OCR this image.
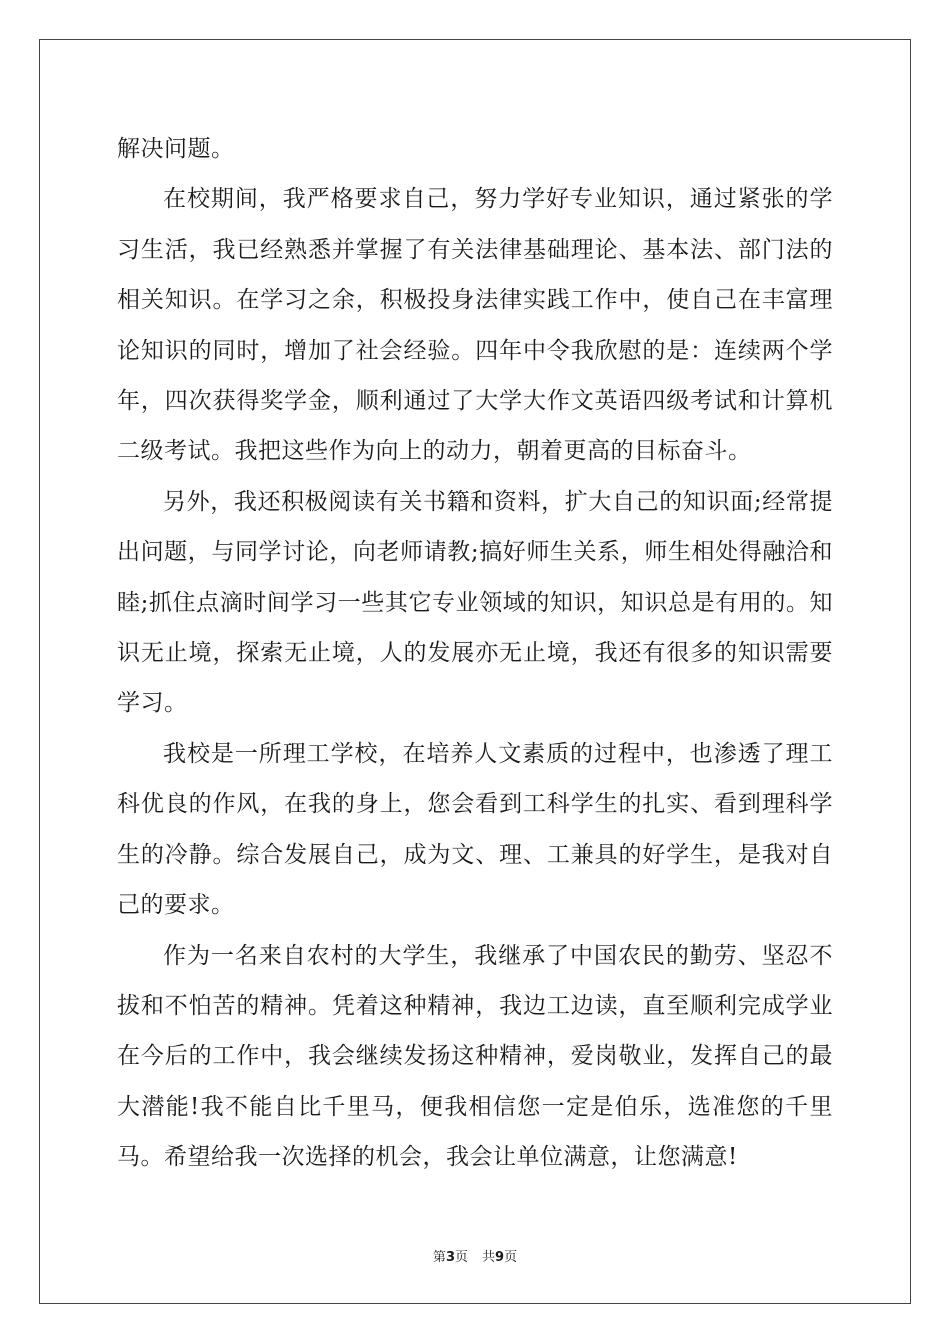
解决问题。

在校期间，我严格要求自己，努力学好专业知识，通过紧张的学习生活，我已经熟悉并掌握了有关法律基础理论、基本法、部门法的相关知识。在学习之余，积极投身法律实践工作中，使自己在丰富理论知识的同时，增加了社会经验。四年中令我欣慰的是：连续两个学年，四次获得奖学金，顺利通过了大学大作文英语四级考试和计算机二级考试。我把这些作为向上的动力，朝着更高的目标奋斗。

另外，我还积极阅读有关书籍和资料，扩大自己的知识面;经常提出问题，与同学讨论，向老师请教;搞好师生关系，师生相处得融洽和睦;抓住点滴时间学习一些其它专业领域的知识，知识总是有用的。知识无止境，探索无止境，人的发展亦无止境，我还有很多的知识需要学习。

我校是一所理工学校，在培养人文素质的过程中，也渗透了理工科优良的作风，在我的身上，您会看到工科学生的扎实、看到理科学生的冷静。综合发展自己，成为文、理、工兼具的好学生，是我对自己的要求。

作为一名来自农村的大学生，我继承了中国农民的勤劳、坚忍不拔和不怕苦的精神。凭着这种精神，我边工边读，直至顺利完成学业在今后的工作中，我会继续发扬这种精神，爱岗敬业，发挥自己的最大潜能!我不能自比千里马，便我相信您一定是伯乐，选准您的千里马。希望给我一次选择的机会，我会让单位满意，让您满意!

第3页 共9页
